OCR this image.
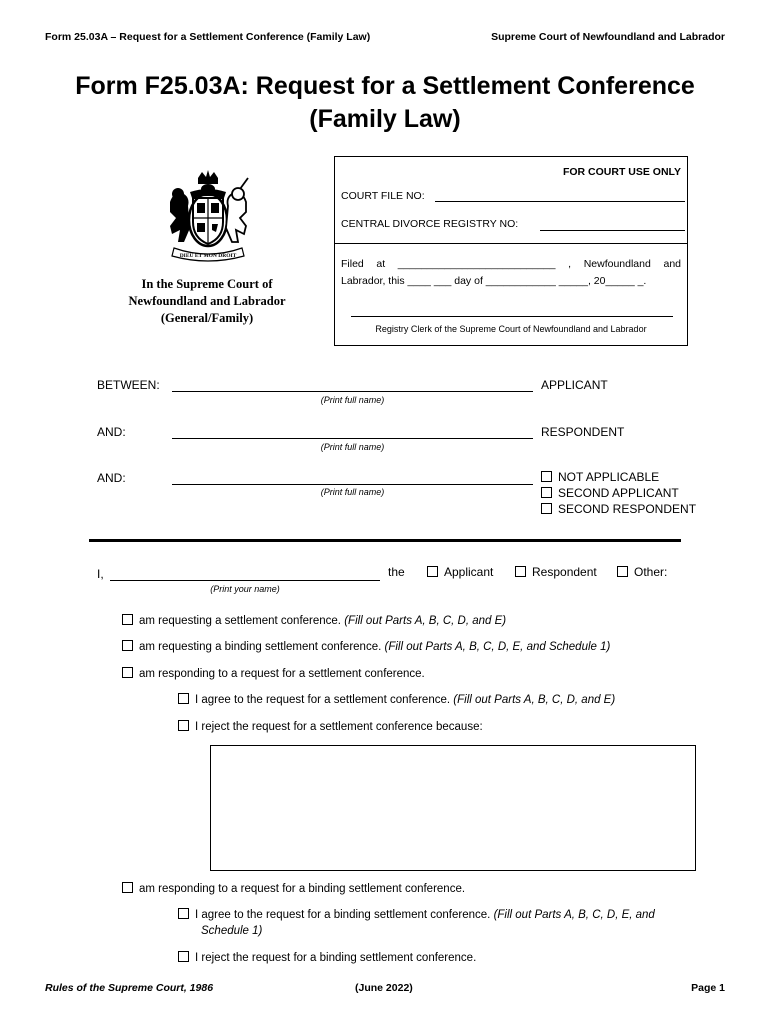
Form 25.03A – Request for a Settlement Conference (Family Law)	Supreme Court of Newfoundland and Labrador
Form F25.03A: Request for a Settlement Conference
(Family Law)
DIEU ET MON DROIT
In the Supreme Court of
Newfoundland and Labrador
(General/Family)
FOR COURT USE ONLY
COURT FILE NO:
CENTRAL DIVORCE REGISTRY NO:
Filed at ___________________________ , Newfoundland and
Labrador, this ____ ___ day of ____________ _____, 20_____ _.
Registry Clerk of the Supreme Court of Newfoundland and Labrador
BETWEEN:
(Print full name)
APPLICANT
AND:
(Print full name)
RESPONDENT
AND:
(Print full name)
NOT APPLICABLE
SECOND APPLICANT
SECOND RESPONDENT
I,
(Print your name)
the	Applicant	Respondent	Other:
am requesting a settlement conference. (Fill out Parts A, B, C, D, and E)
am requesting a binding settlement conference. (Fill out Parts A, B, C, D, E, and Schedule 1)
am responding to a request for a settlement conference.
I agree to the request for a settlement conference. (Fill out Parts A, B, C, D, and E)
I reject the request for a settlement conference because:
am responding to a request for a binding settlement conference.
I agree to the request for a binding settlement conference. (Fill out Parts A, B, C, D, E, and
Schedule 1)
I reject the request for a binding settlement conference.
Rules of the Supreme Court, 1986	(June 2022)	Page 1
